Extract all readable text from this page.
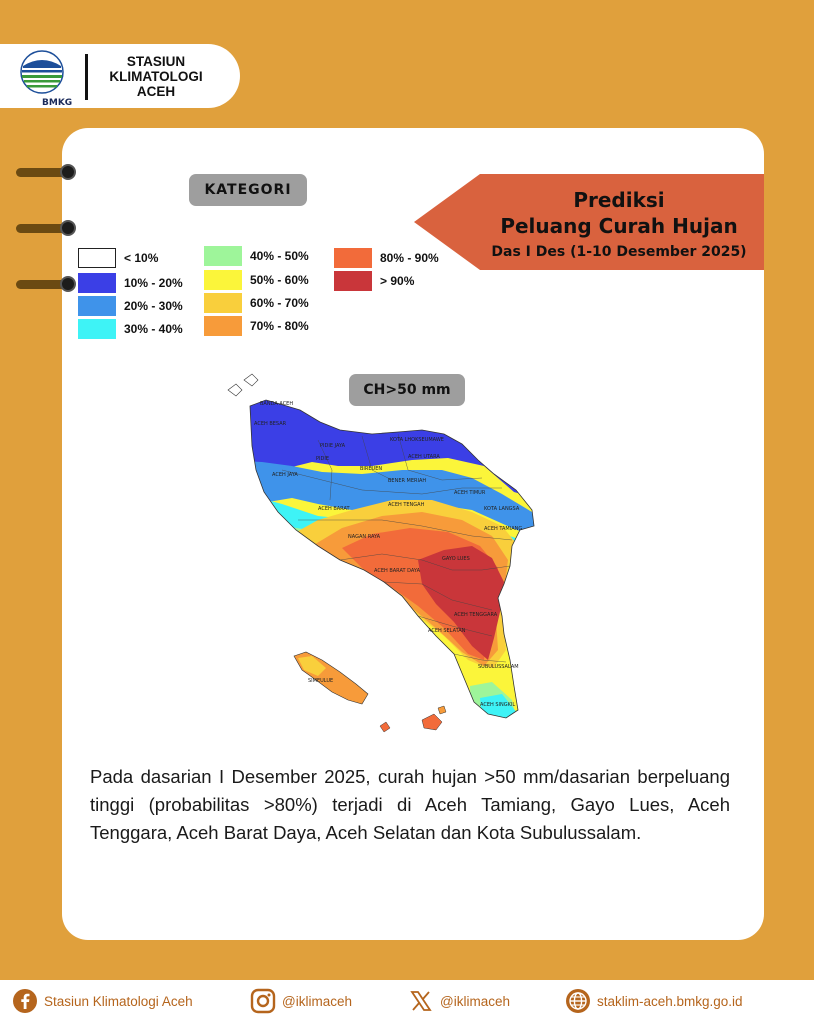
BMKG
STASIUN
KLIMATOLOGI
ACEH
KATEGORI
< 10%
10% - 20%
20% - 30%
30% - 40%
40% - 50%
50% - 60%
60% - 70%
70% - 80%
80% - 90%
> 90%
Prediksi
Peluang Curah Hujan
Das I Des (1-10 Desember 2025)
BANDA ACEH
ACEH BESAR
PIDIE JAYA
BIREUEN
KOTA LHOKSEUMAWE
ACEH UTARA
ACEH JAYA
PIDIE
BENER MERIAH
ACEH TIMUR
ACEH TENGAH
KOTA LANGSA
ACEH BARAT
ACEH TAMIANG
NAGAN RAYA
GAYO LUES
ACEH BARAT DAYA
ACEH TENGGARA
ACEH SELATAN
SUBULUSSALAM
SIMEULUE
ACEH SINGKIL
CH>50 mm
Pada dasarian I Desember 2025, curah hujan >50 mm/dasarian berpeluang tinggi (probabilitas >80%) terjadi di Aceh Tamiang, Gayo Lues, Aceh Tenggara, Aceh Barat Daya, Aceh Selatan dan Kota Subulussalam.
Stasiun Klimatologi Aceh	@iklimaceh	@iklimaceh	staklim-aceh.bmkg.go.id
